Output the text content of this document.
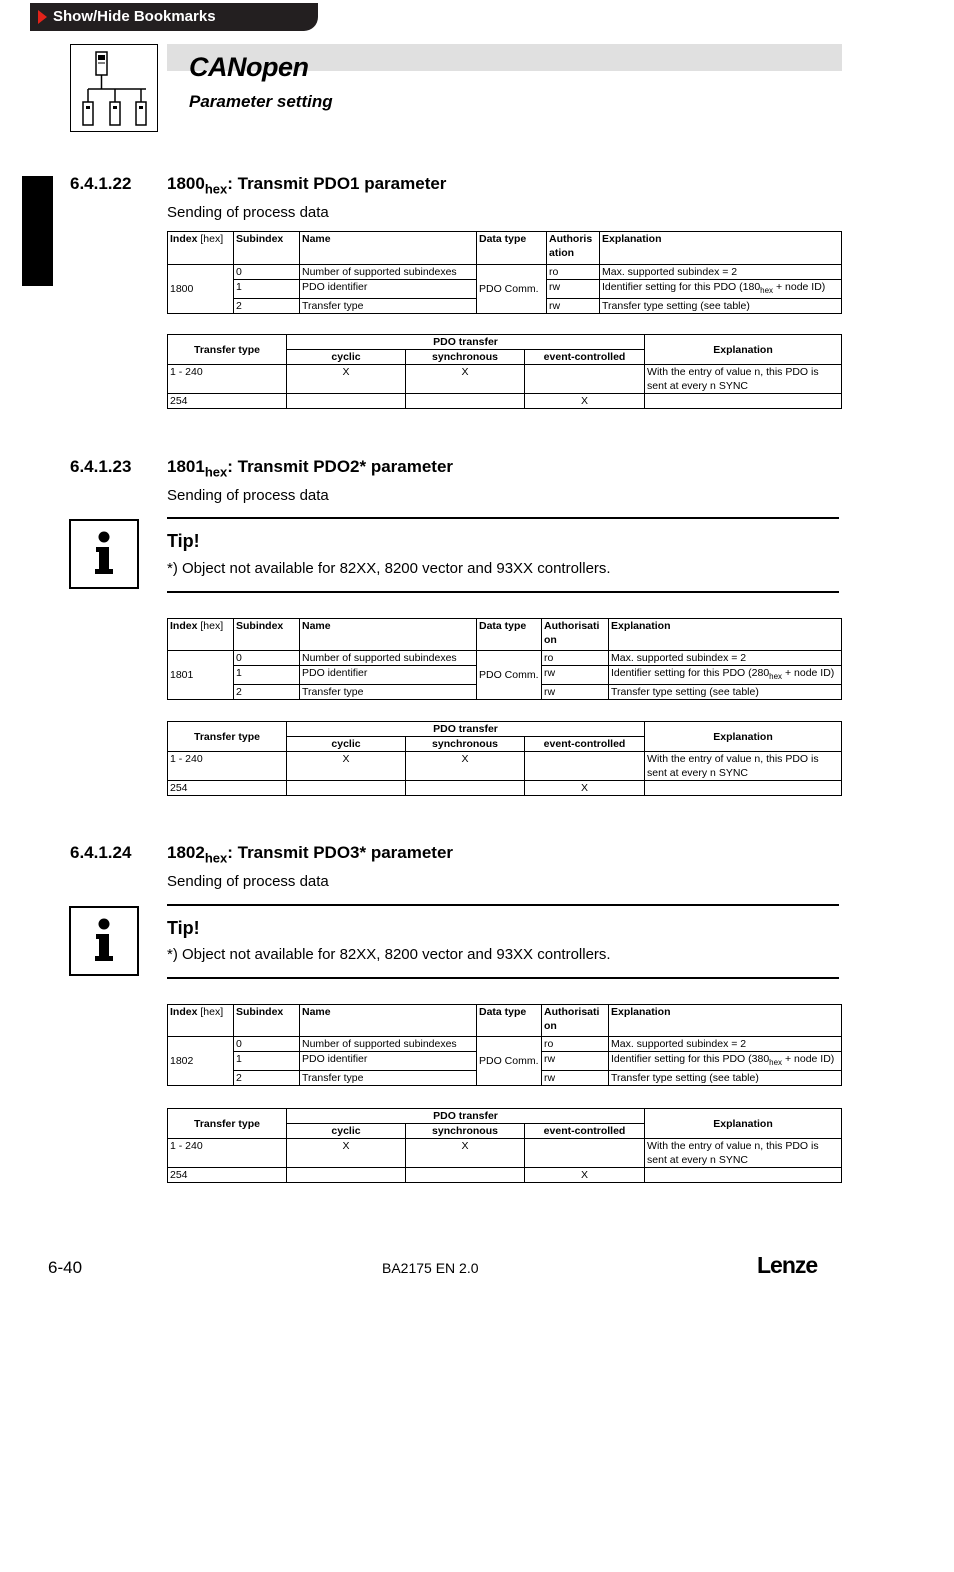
Show/Hide Bookmarks
CANopen
Parameter setting
6.4.1.22 $1800_{hex}$: Transmit PDO1 parameter
Sending of process data
Index [hex]	Subindex	Name	Data type	Authoris ation	Explanation
1800	0	Number of supported subindexes	PDO Comm.	ro	Max. supported subindex = 2
	1	PDO identifier		rw	Identifier setting for this PDO ($180_{hex}$ + node ID)
	2	Transfer type		rw	Transfer type setting (see table)
Transfer type	PDO transfer			Explanation
	cyclic	synchronous	event-controlled	
1 - 240	X	X		With the entry of value n, this PDO is sent at every n SYNC
254			X	
6.4.1.23 $1801_{hex}$: Transmit PDO2* parameter
Sending of process data
Tip!
*) Object not available for 82XX, 8200 vector and 93XX controllers.
Index [hex]	Subindex	Name	Data type	Authorisati on	Explanation
1801	0	Number of supported subindexes	PDO Comm.	ro	Max. supported subindex = 2
	1	PDO identifier		rw	Identifier setting for this PDO ($280_{hex}$ + node ID)
	2	Transfer type		rw	Transfer type setting (see table)
Transfer type	PDO transfer			Explanation
	cyclic	synchronous	event-controlled	
1 - 240	X	X		With the entry of value n, this PDO is sent at every n SYNC
254			X	
6.4.1.24 $1802_{hex}$: Transmit PDO3* parameter
Sending of process data
Tip!
*) Object not available for 82XX, 8200 vector and 93XX controllers.
Index [hex]	Subindex	Name	Data type	Authorisati on	Explanation
1802	0	Number of supported subindexes	PDO Comm.	ro	Max. supported subindex = 2
	1	PDO identifier		rw	Identifier setting for this PDO ($380_{hex}$ + node ID)
	2	Transfer type		rw	Transfer type setting (see table)
Transfer type	PDO transfer			Explanation
	cyclic	synchronous	event-controlled	
1 - 240	X	X		With the entry of value n, this PDO is sent at every n SYNC
254			X	
6-40	BA2175 EN 2.0	Lenze
